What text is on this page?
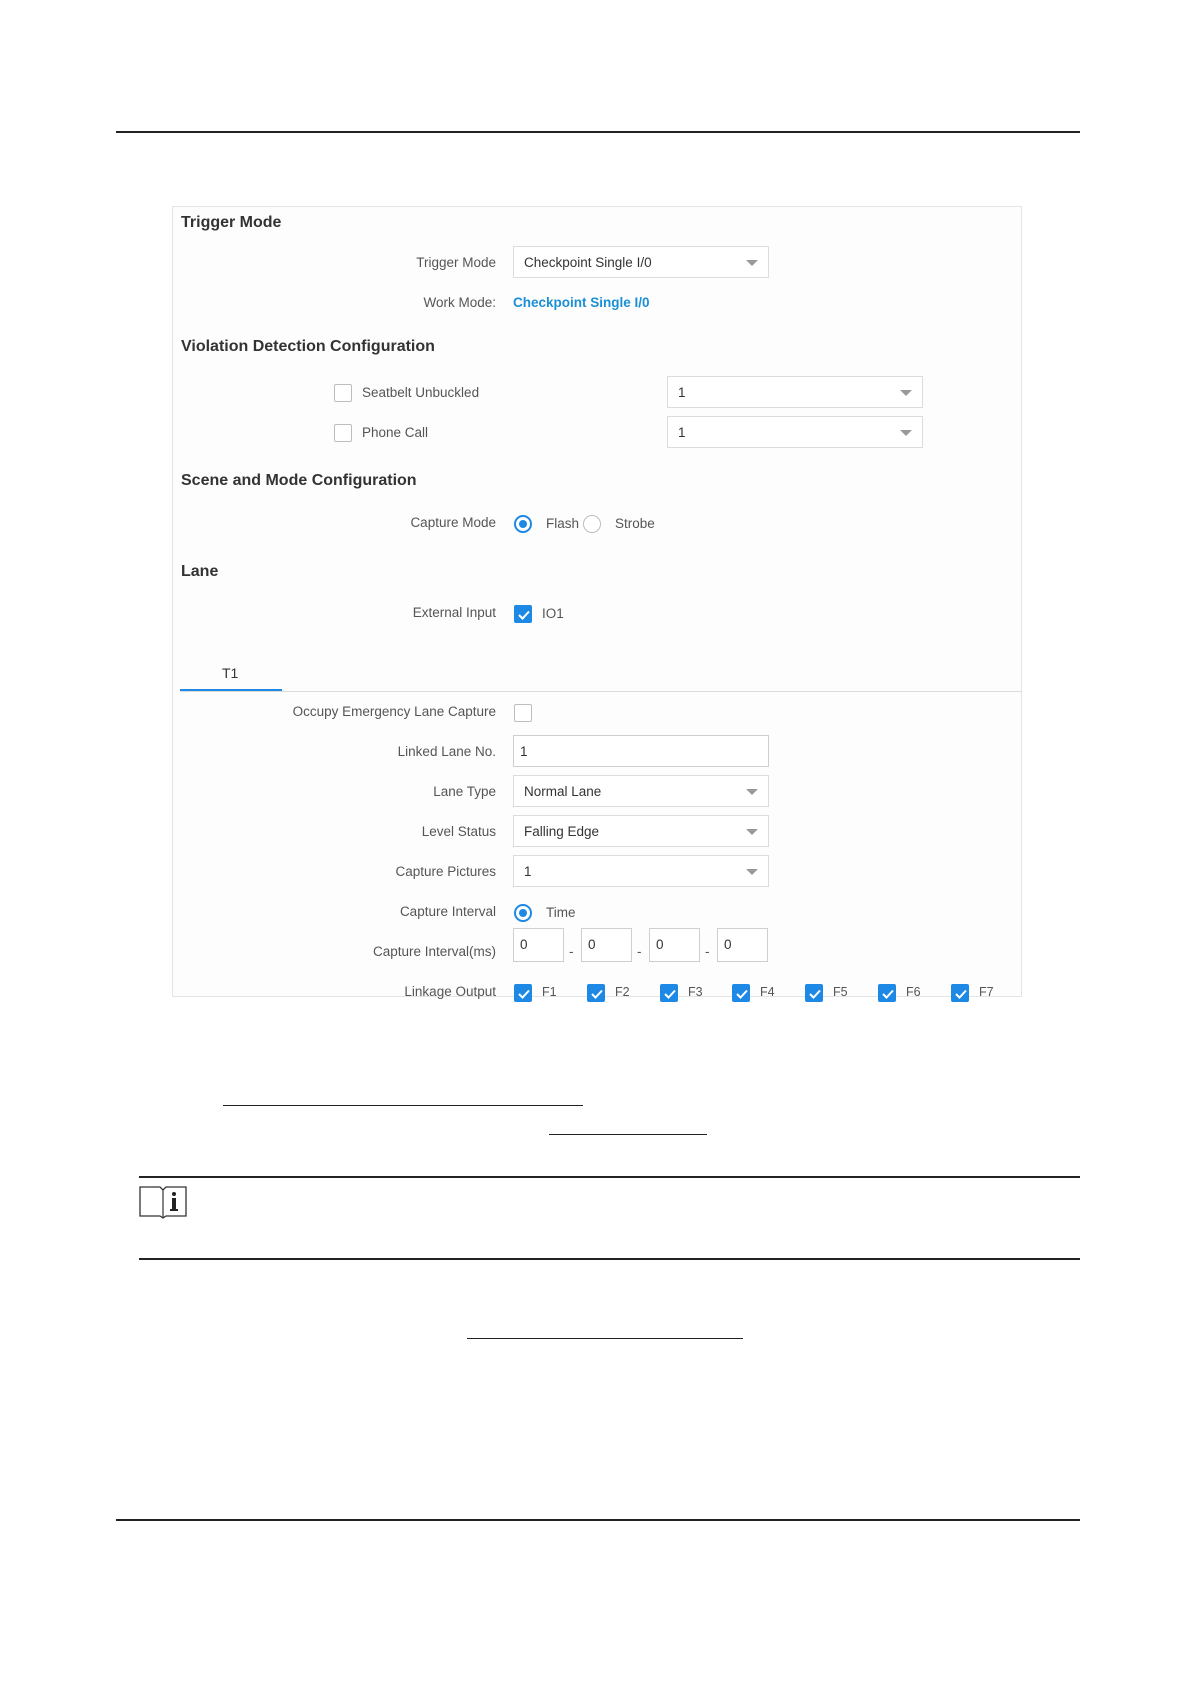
Trigger Mode
Trigger Mode Checkpoint Single I/0
Work Mode: Checkpoint Single I/0
Violation Detection Configuration
Seatbelt Unbuckled	1
Phone Call	1
Scene and Mode Configuration
Capture Mode	Flash	Strobe
Lane
External Input	IO1
T1
Occupy Emergency Lane Capture
Linked Lane No. 1
Lane Type Normal Lane
Level Status Falling Edge
Capture Pictures 1
Capture Interval	Time
Capture Interval(ms) 0	- 0	- 0	- 0
Linkage Output	F1	F2	F3	F4	F5	F6	F7
